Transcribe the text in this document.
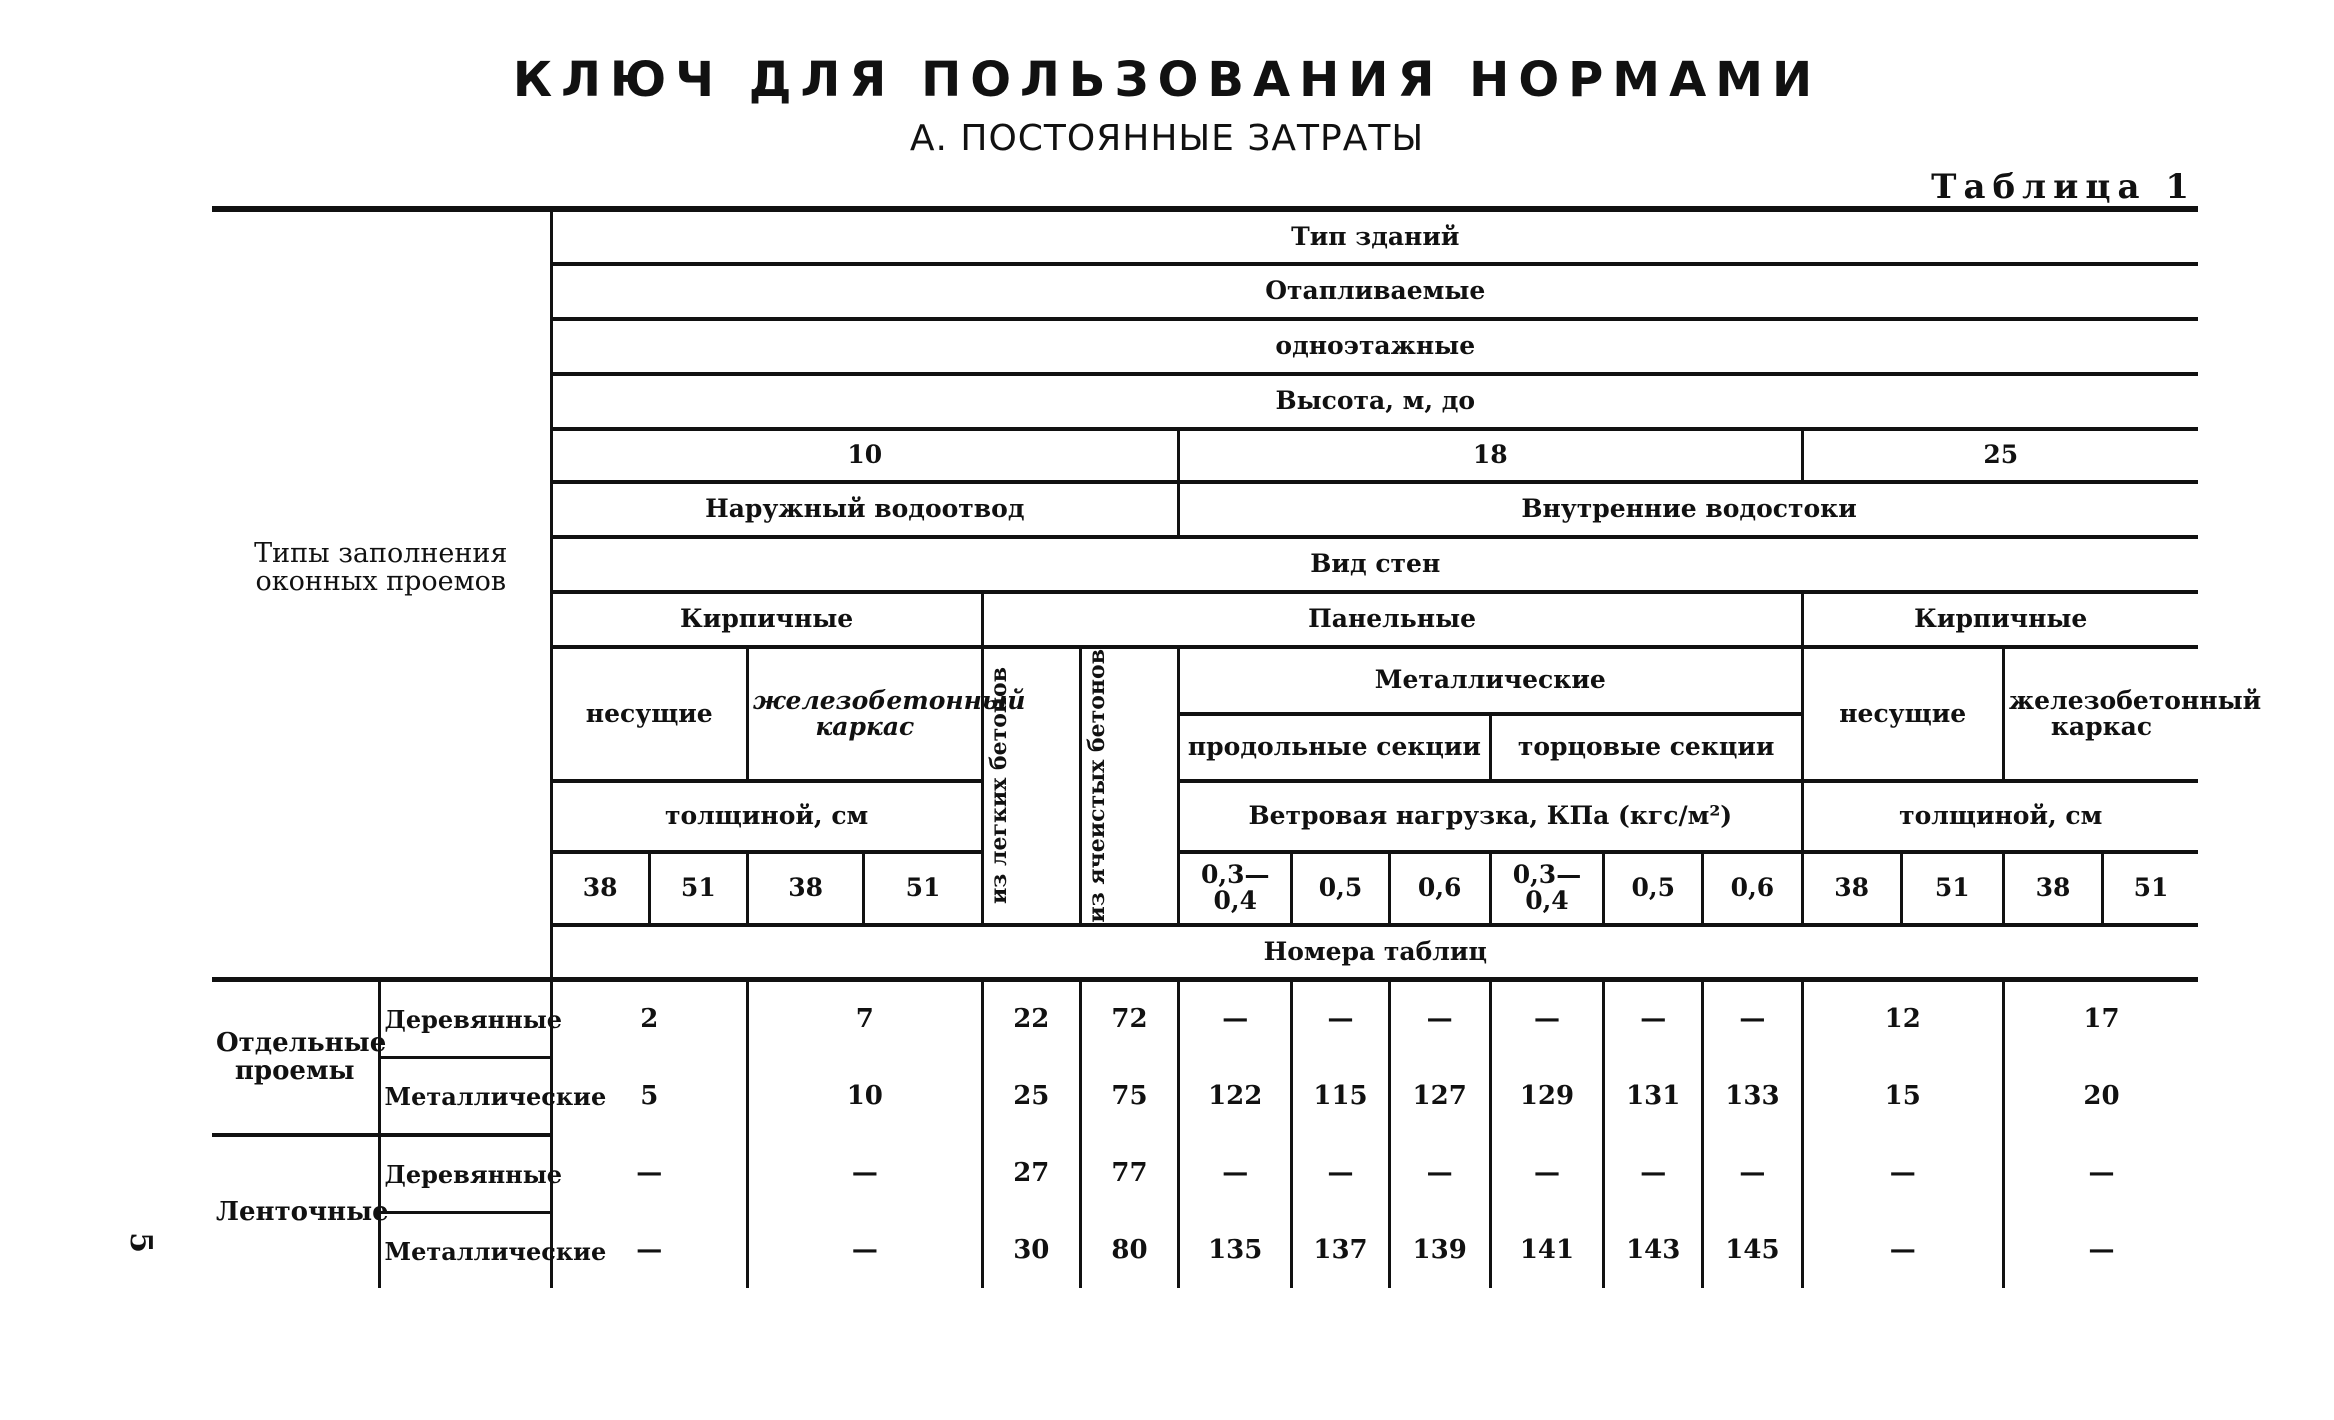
КЛЮЧ ДЛЯ ПОЛЬЗОВАНИЯ НОРМАМИ
А. ПОСТОЯННЫЕ ЗАТРАТЫ
Таблица 1
5
Типы заполнения оконных проемов		Тип зданий															
		Отапливаемые															
		одноэтажные															
		Высота, м, до															
		10						18						25			
		Наружный водоотвод						Внутренние водостоки									
		Вид стен															
		Кирпичные				Панельные								Кирпичные			
		несущие		железобетонный каркас		из легких бетонов	из ячеистых бетонов	Металлические						несущие		железобетонный каркас	
								продольные секции			торцовые секции						
		толщиной, см						Ветровая нагрузка, КПа (кгс/м²)						толщиной, см			
		38	51	38	51			0,3—0,4	0,5	0,6	0,3—0,4	0,5	0,6	38	51	38	51
		Номера таблиц															
Отдельные проемы	Деревянные	2		7		22	72	—	—	—	—	—	—	12		17	
	Металлические	5		10		25	75	122	115	127	129	131	133	15		20	
Ленточные	Деревянные	—		—		27	77	—	—	—	—	—	—	—		—	
	Металлические	—		—		30	80	135	137	139	141	143	145	—		—	
